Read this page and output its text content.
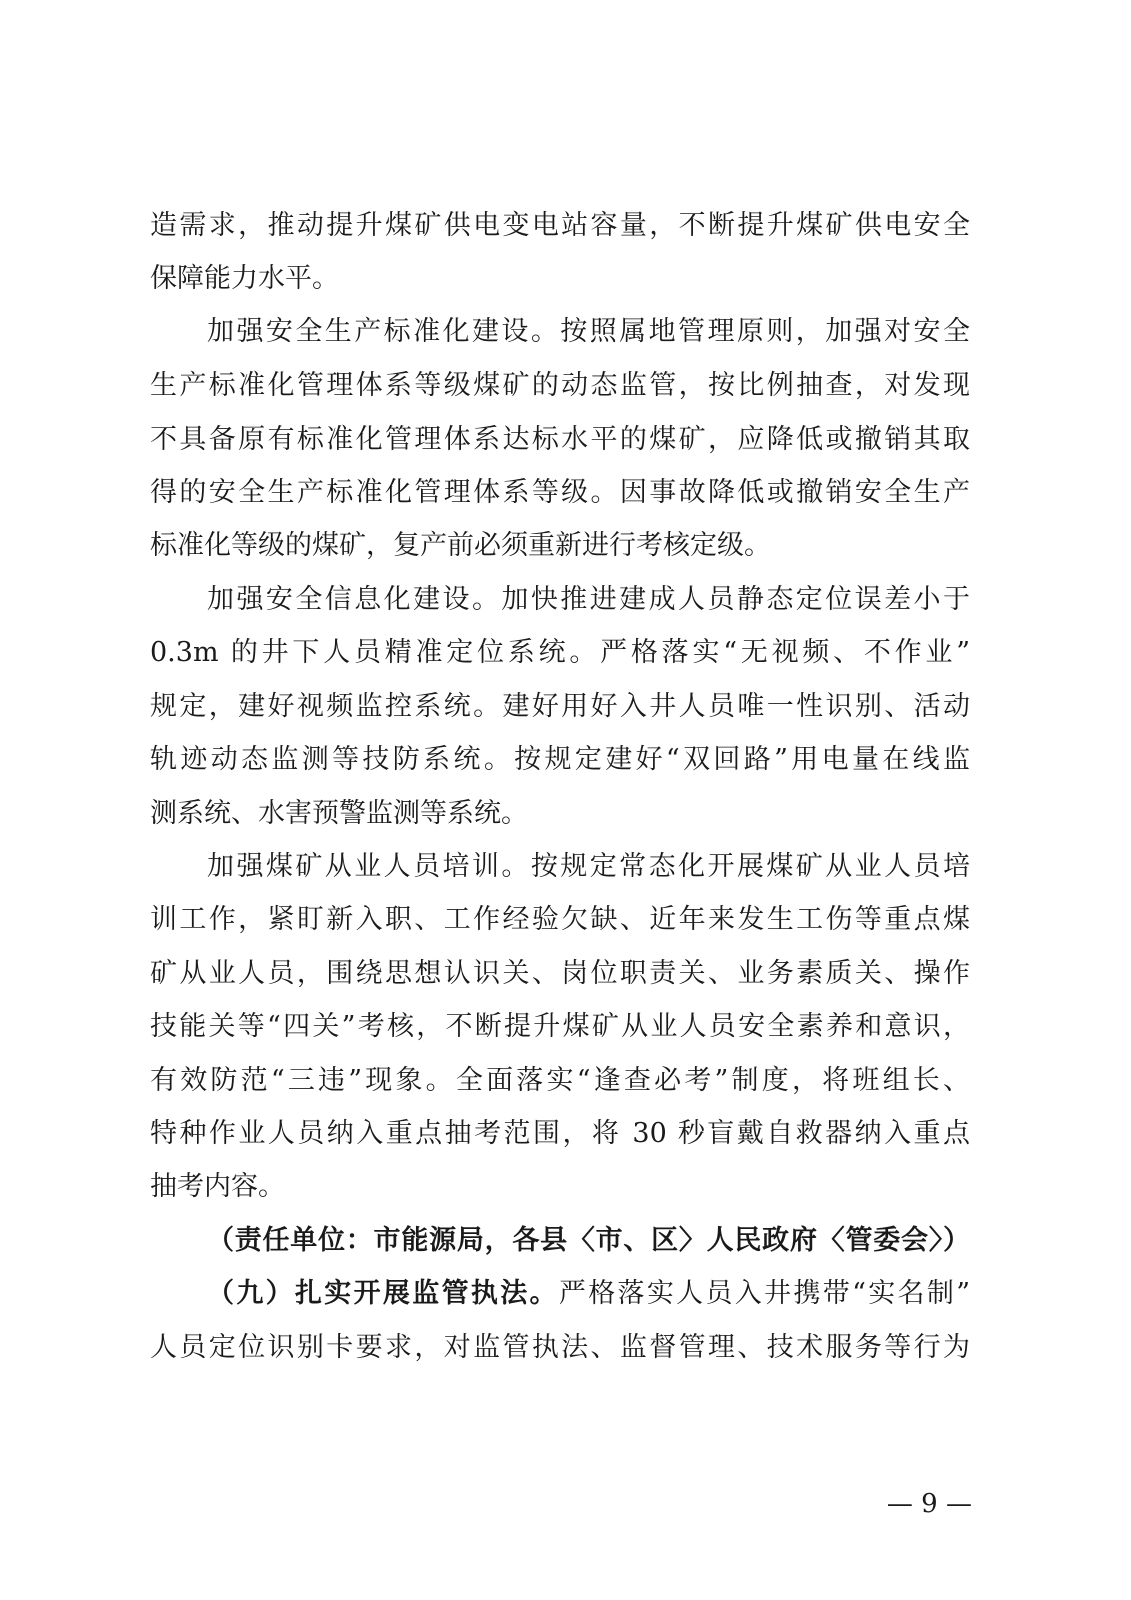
造需求，推动提升煤矿供电变电站容量，不断提升煤矿供电安全
保障能力水平。
加强安全生产标准化建设。按照属地管理原则，加强对安全
生产标准化管理体系等级煤矿的动态监管，按比例抽查，对发现
不具备原有标准化管理体系达标水平的煤矿，应降低或撤销其取
得的安全生产标准化管理体系等级。因事故降低或撤销安全生产
标准化等级的煤矿，复产前必须重新进行考核定级。
加强安全信息化建设。加快推进建成人员静态定位误差小于
0.3m 的井下人员精准定位系统。严格落实“无视频、不作业”
规定，建好视频监控系统。建好用好入井人员唯一性识别、活动
轨迹动态监测等技防系统。按规定建好“双回路”用电量在线监
测系统、水害预警监测等系统。
加强煤矿从业人员培训。按规定常态化开展煤矿从业人员培
训工作，紧盯新入职、工作经验欠缺、近年来发生工伤等重点煤
矿从业人员，围绕思想认识关、岗位职责关、业务素质关、操作
技能关等“四关”考核，不断提升煤矿从业人员安全素养和意识，
有效防范“三违”现象。全面落实“逢查必考”制度，将班组长、
特种作业人员纳入重点抽考范围，将 30 秒盲戴自救器纳入重点
抽考内容。
（责任单位：市能源局，各县〈市、区〉人民政府〈管委会〉）
（九）扎实开展监管执法。严格落实人员入井携带“实名制”
人员定位识别卡要求，对监管执法、监督管理、技术服务等行为
— 9 —
